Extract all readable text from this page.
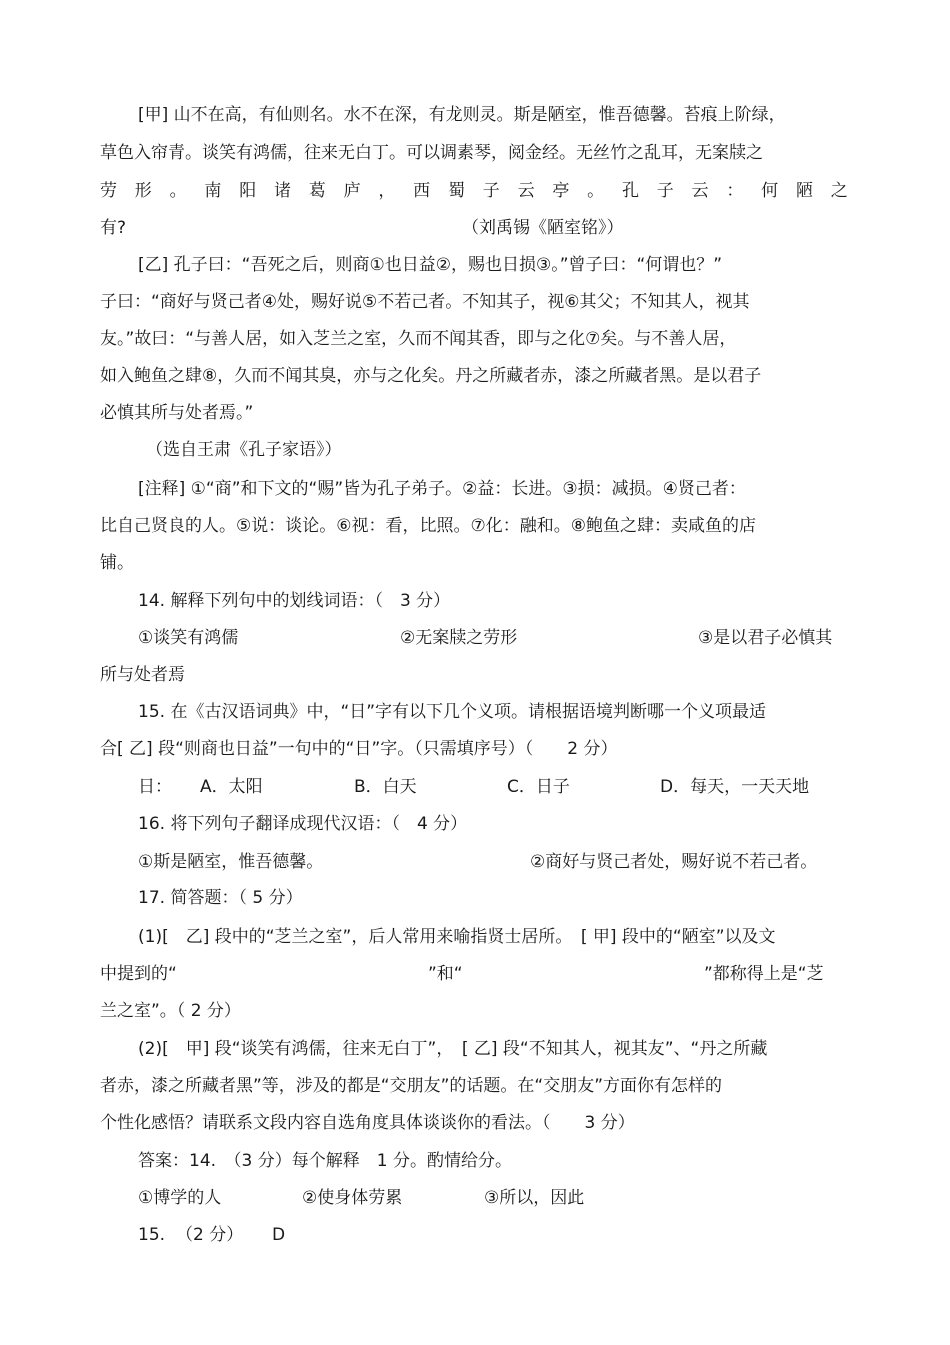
[甲] 山不在高，有仙则名。水不在深，有龙则灵。斯是陋室，惟吾德馨。苔痕上阶绿，
草色入帘青。谈笑有鸿儒，往来无白丁。可以调素琴，阅金经。无丝竹之乱耳，无案牍之
劳 形 。 南 阳 诸 葛 庐 ， 西 蜀 子 云 亭 。 孔 子 云 ： 何 陋 之
有?	（刘禹锡《陋室铭》）
[乙] 孔子曰：“吾死之后，则商①也日益②，赐也日损③。”曾子曰：“何谓也？”
子曰：“商好与贤己者④处，赐好说⑤不若己者。不知其子，视⑥其父；不知其人，视其
友。”故曰：“与善人居，如入芝兰之室，久而不闻其香，即与之化⑦矣。与不善人居，
如入鲍鱼之肆⑧，久而不闻其臭，亦与之化矣。丹之所藏者赤，漆之所藏者黑。是以君子
必慎其所与处者焉。”
（选自王肃《孔子家语》）
[注释] ①“商”和下文的“赐”皆为孔子弟子。②益：长进。③损：减损。④贤己者：
比自己贤良的人。⑤说：谈论。⑥视：看，比照。⑦化：融和。⑧鲍鱼之肆：卖咸鱼的店
铺。
14. 解释下列句中的划线词语：（　3 分）
①谈笑有鸿儒	②无案牍之劳形	③是以君子必慎其
所与处者焉
15. 在《古汉语词典》中，“日”字有以下几个义项。请根据语境判断哪一个义项最适
合[ 乙] 段“则商也日益”一句中的“日”字。（只需填序号）（　　2 分）
日： A．太阳	B．白天	C．日子	D．每天，一天天地
16. 将下列句子翻译成现代汉语：（　4 分）
①斯是陋室，惟吾德馨。	②商好与贤己者处，赐好说不若己者。
17. 简答题：（ 5 分）
(1)[　乙] 段中的“芝兰之室”，后人常用来喻指贤士居所。　[ 甲] 段中的“陋室”以及文
中提到的“	”和“	”都称得上是“芝
兰之室”。（ 2 分）
(2)[　甲] 段“谈笑有鸿儒，往来无白丁”，　[ 乙] 段“不知其人，视其友”、“丹之所藏
者赤，漆之所藏者黑”等，涉及的都是“交朋友”的话题。在“交朋友”方面你有怎样的
个性化感悟？请联系文段内容自选角度具体谈谈你的看法。（　　3 分）
答案：14.　（3 分）每个解释　1 分。酌情给分。
①博学的人	②使身体劳累	③所以，因此
15. （2 分） D
